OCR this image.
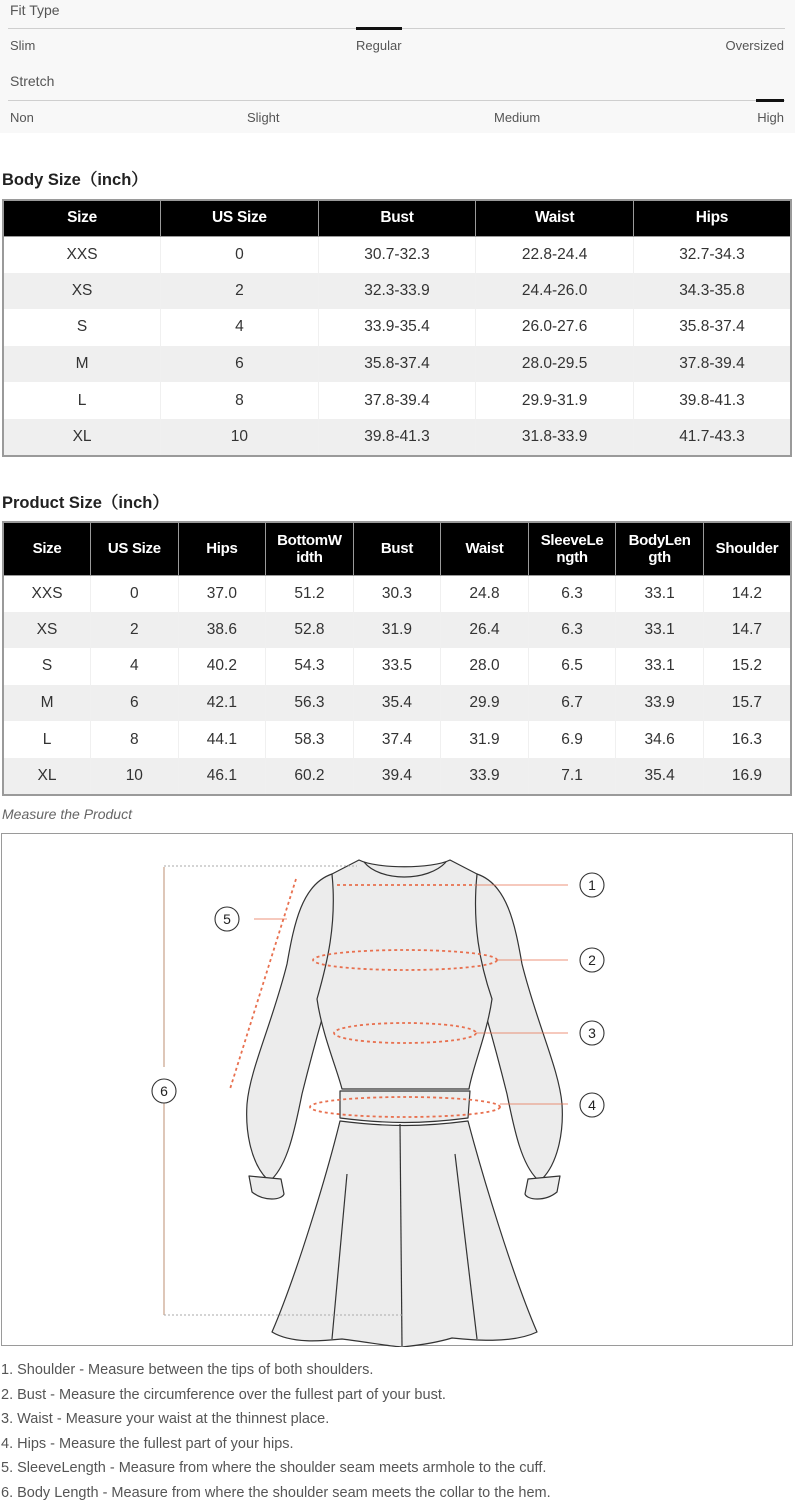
Fit Type
Slim	Regular	Oversized
Stretch
Non	Slight	Medium	High
Body Size（inch）
Size	US Size	Bust	Waist	Hips
XXS	0	30.7-32.3	22.8-24.4	32.7-34.3
XS	2	32.3-33.9	24.4-26.0	34.3-35.8
S	4	33.9-35.4	26.0-27.6	35.8-37.4
M	6	35.8-37.4	28.0-29.5	37.8-39.4
L	8	37.8-39.4	29.9-31.9	39.8-41.3
XL	10	39.8-41.3	31.8-33.9	41.7-43.3
Product Size（inch）
Size	US Size	Hips	BottomW idth	Bust	Waist	SleeveLe ngth	BodyLen gth	Shoulder
XXS	0	37.0	51.2	30.3	24.8	6.3	33.1	14.2
XS	2	38.6	52.8	31.9	26.4	6.3	33.1	14.7
S	4	40.2	54.3	33.5	28.0	6.5	33.1	15.2
M	6	42.1	56.3	35.4	29.9	6.7	33.9	15.7
L	8	44.1	58.3	37.4	31.9	6.9	34.6	16.3
XL	10	46.1	60.2	39.4	33.9	7.1	35.4	16.9
Measure the Product
1
2
3
4
5
6
1. Shoulder - Measure between the tips of both shoulders.
2. Bust - Measure the circumference over the fullest part of your bust.
3. Waist - Measure your waist at the thinnest place.
4. Hips - Measure the fullest part of your hips.
5. SleeveLength - Measure from where the shoulder seam meets armhole to the cuff.
6. Body Length - Measure from where the shoulder seam meets the collar to the hem.
